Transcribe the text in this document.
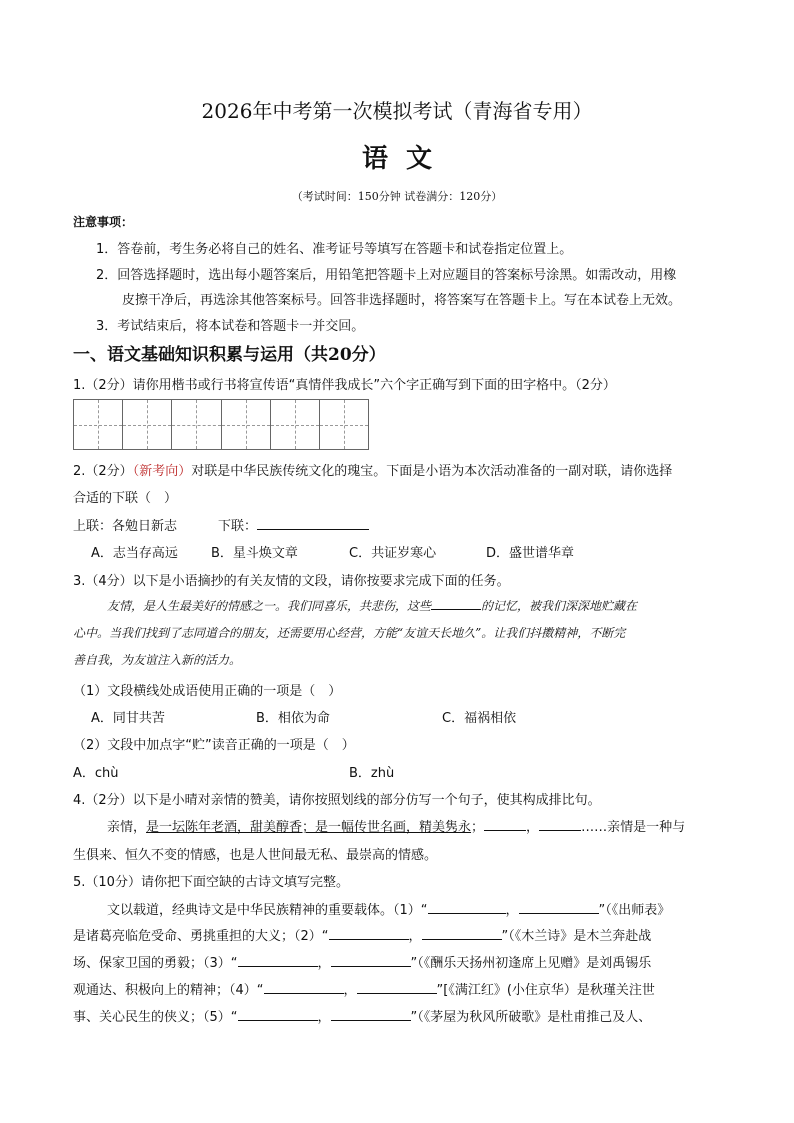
2026年中考第一次模拟考试（青海省专用）
语文
（考试时间：150分钟 试卷满分：120分）
注意事项：
1．答卷前，考生务必将自己的姓名、准考证号等填写在答题卡和试卷指定位置上。
2．回答选择题时，选出每小题答案后，用铅笔把答题卡上对应题目的答案标号涂黑。如需改动，用橡
皮擦干净后，再选涂其他答案标号。回答非选择题时，将答案写在答题卡上。写在本试卷上无效。
3．考试结束后，将本试卷和答题卡一并交回。
一、语文基础知识积累与运用（共20分）
1.（2分）请你用楷书或行书将宣传语“真情伴我成长”六个字正确写到下面的田字格中。（2分）
2.（2分）（新考向）对联是中华民族传统文化的瑰宝。下面是小语为本次活动准备的一副对联，请你选择
合适的下联（　）
上联：各勉日新志	下联：
A．志当存高远	B．星斗焕文章	C．共证岁寒心	D．盛世谱华章
3.（4分）以下是小语摘抄的有关友情的文段，请你按要求完成下面的任务。
友情，是人生最美好的情感之一。我们同喜乐，共悲伤，这些	的记忆，被我们深深地贮藏在
心中。当我们找到了志同道合的朋友，还需要用心经营，方能“友谊天长地久”。让我们抖擞精神，不断完
善自我，为友谊注入新的活力。
（1）文段横线处成语使用正确的一项是（　）
A．同甘共苦	B．相依为命	C．福祸相依
（2）文段中加点字“贮”读音正确的一项是（　）
A．chù	B．zhù
4.（2分）以下是小晴对亲情的赞美，请你按照划线的部分仿写一个句子，使其构成排比句。
亲情，是一坛陈年老酒，甜美醇香；是一幅传世名画，精美隽永；	，	……亲情是一种与
生俱来、恒久不变的情感，也是人世间最无私、最崇高的情感。
5.（10分）请你把下面空缺的古诗文填写完整。
文以载道，经典诗文是中华民族精神的重要载体。（1）“	，	”（《出师表》
是诸葛亮临危受命、勇挑重担的大义；（2）“	，	”（《木兰诗》是木兰奔赴战
场、保家卫国的勇毅；（3）“	，	”（《酬乐天扬州初逢席上见赠》是刘禹锡乐
观通达、积极向上的精神；（4）“	，	”[《满江红》(小住京华）是秋瑾关注世
事、关心民生的侠义；（5）“	，	”（《茅屋为秋风所破歌》是杜甫推己及人、
